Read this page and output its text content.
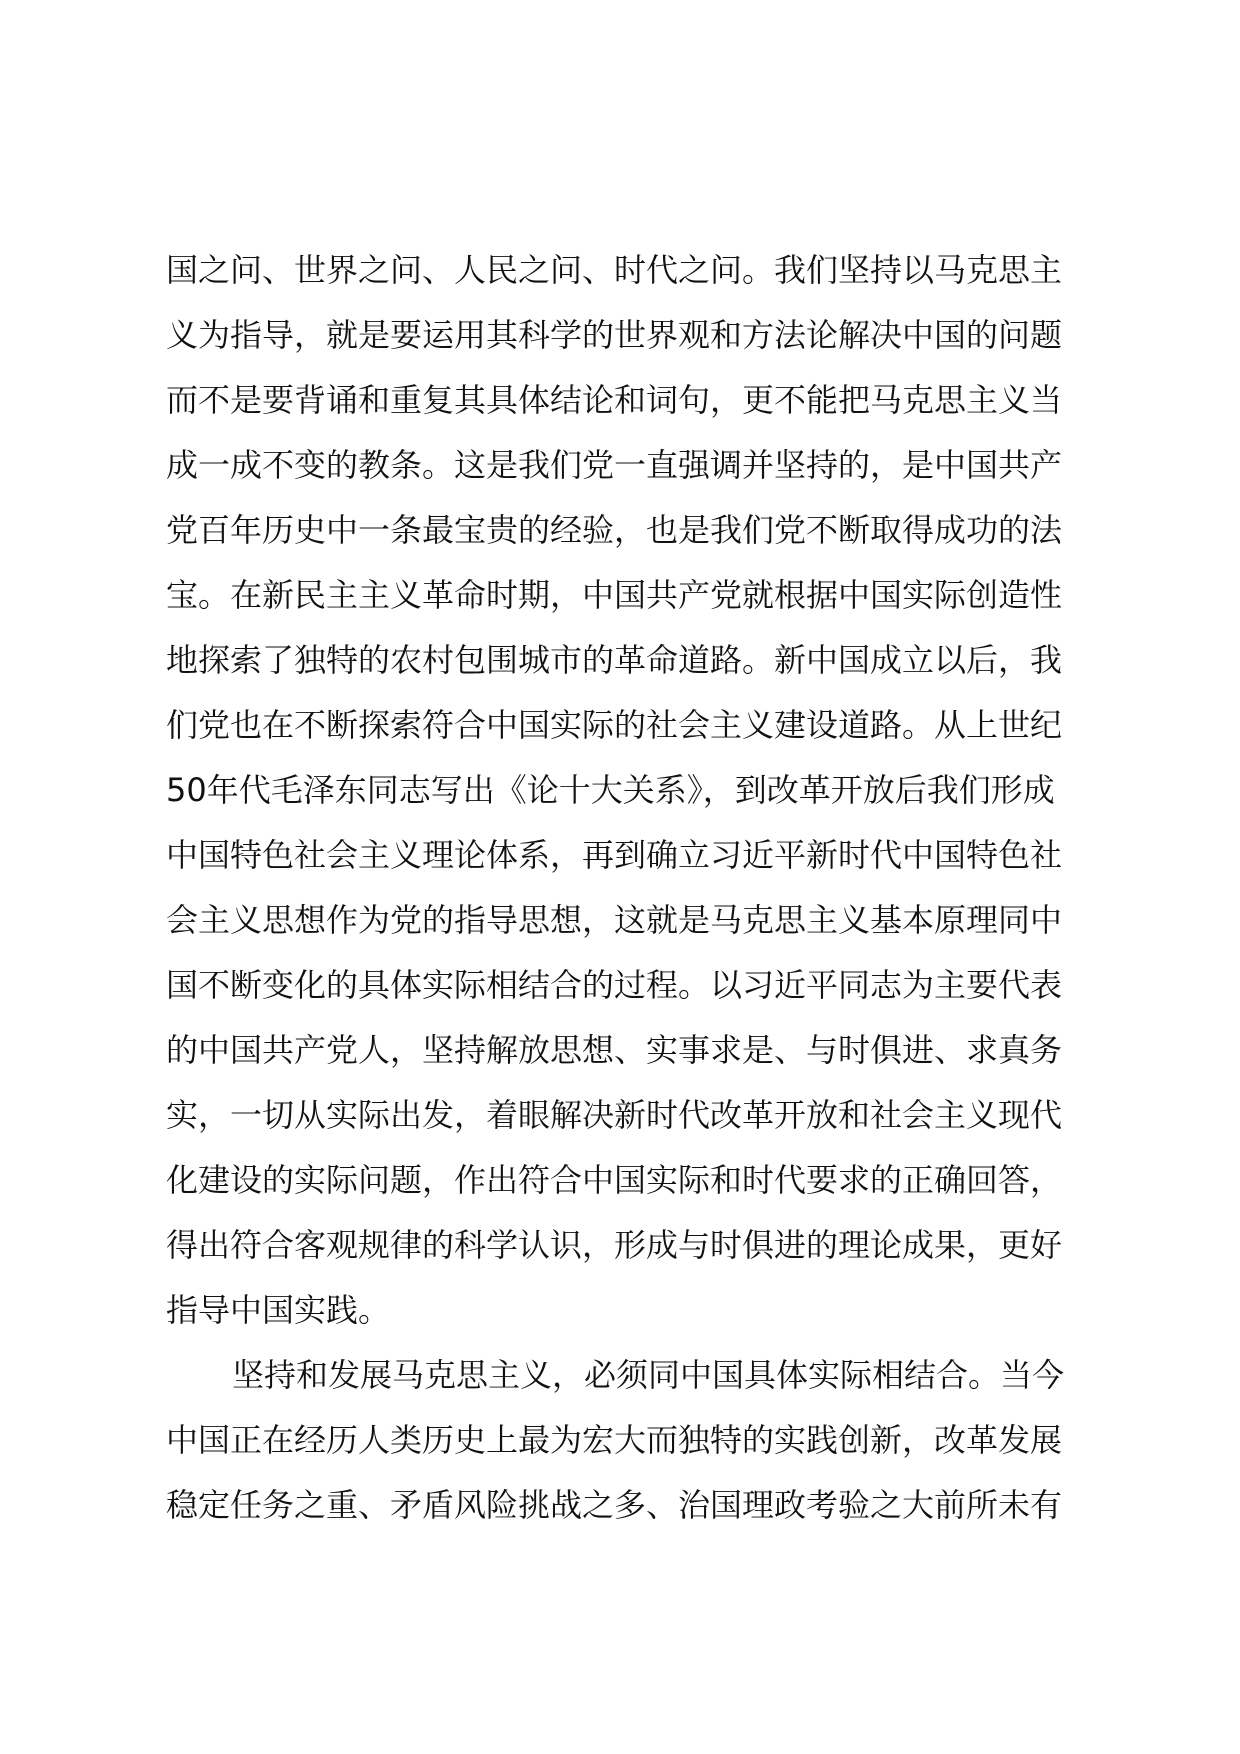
国之问、世界之问、人民之问、时代之问。我们坚持以马克思主
义为指导，就是要运用其科学的世界观和方法论解决中国的问题
而不是要背诵和重复其具体结论和词句，更不能把马克思主义当
成一成不变的教条。这是我们党一直强调并坚持的，是中国共产
党百年历史中一条最宝贵的经验，也是我们党不断取得成功的法
宝。在新民主主义革命时期，中国共产党就根据中国实际创造性
地探索了独特的农村包围城市的革命道路。新中国成立以后，我
们党也在不断探索符合中国实际的社会主义建设道路。从上世纪
50年代毛泽东同志写出《论十大关系》，到改革开放后我们形成
中国特色社会主义理论体系，再到确立习近平新时代中国特色社
会主义思想作为党的指导思想，这就是马克思主义基本原理同中
国不断变化的具体实际相结合的过程。以习近平同志为主要代表
的中国共产党人，坚持解放思想、实事求是、与时俱进、求真务
实，一切从实际出发，着眼解决新时代改革开放和社会主义现代
化建设的实际问题，作出符合中国实际和时代要求的正确回答，
得出符合客观规律的科学认识，形成与时俱进的理论成果，更好
指导中国实践。
坚持和发展马克思主义，必须同中国具体实际相结合。当今
中国正在经历人类历史上最为宏大而独特的实践创新，改革发展
稳定任务之重、矛盾风险挑战之多、治国理政考验之大前所未有
